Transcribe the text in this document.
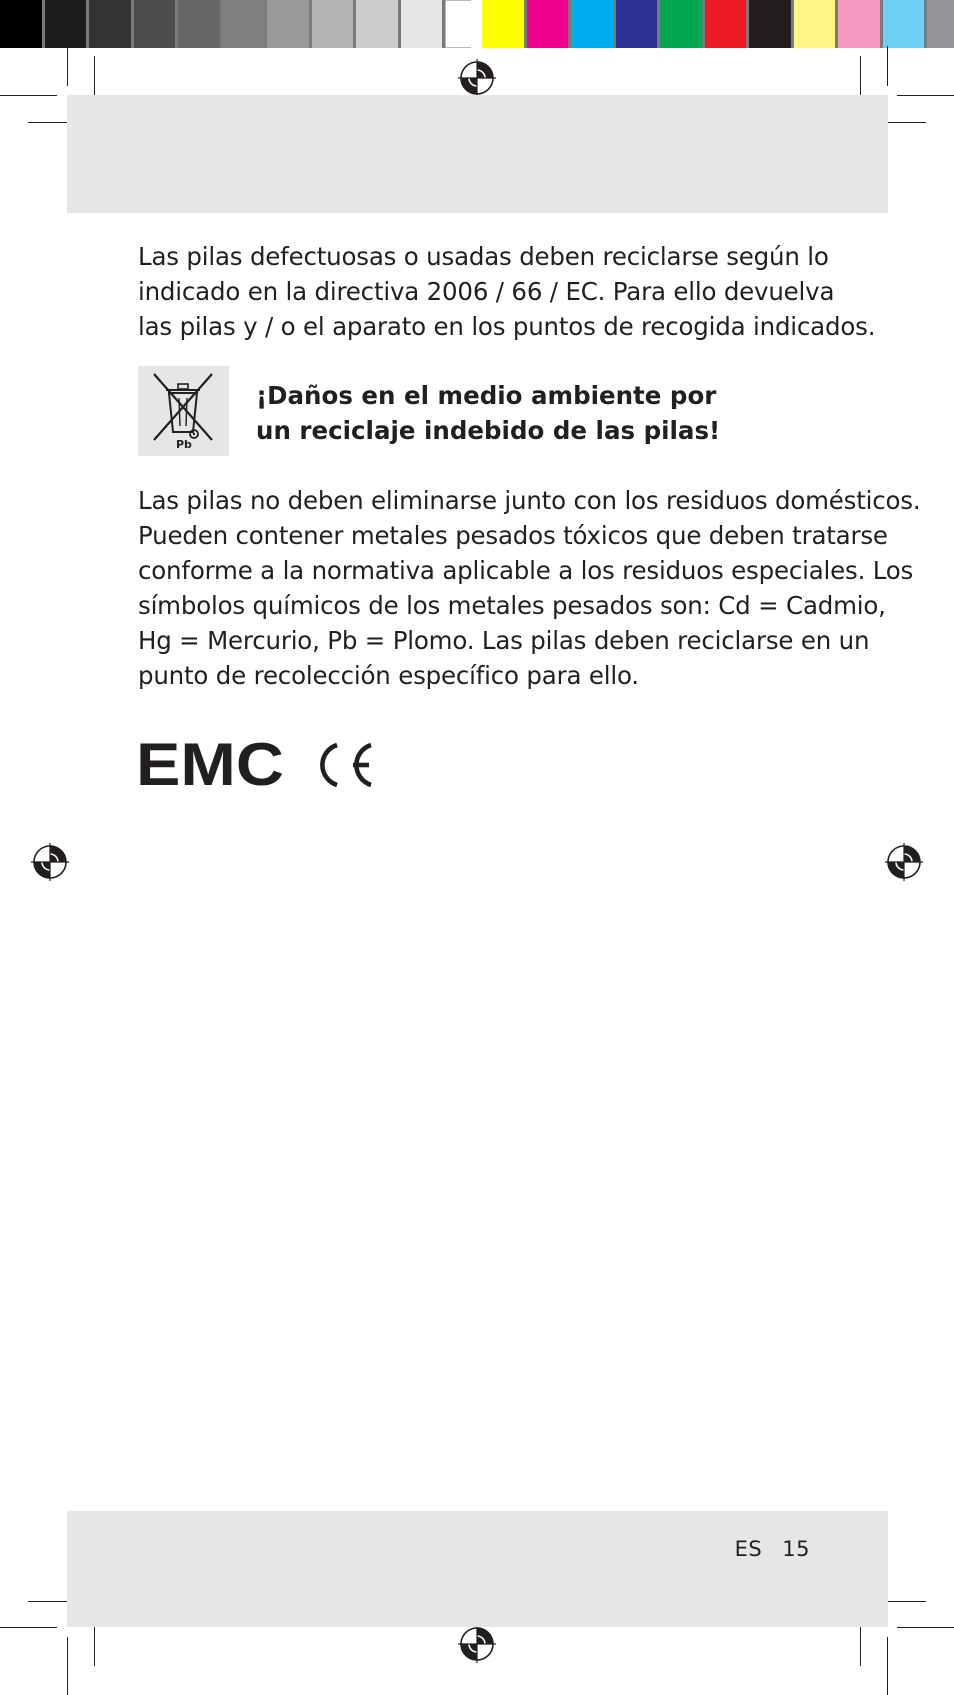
Las pilas defectuosas o usadas deben reciclarse según lo
indicado en la directiva 2006 / 66 / EC. Para ello devuelva
las pilas y / o el aparato en los puntos de recogida indicados.
Pb
¡Daños en el medio ambiente por
un reciclaje indebido de las pilas!
Las pilas no deben eliminarse junto con los residuos domésticos.
Pueden contener metales pesados tóxicos que deben tratarse
conforme a la normativa aplicable a los residuos especiales. Los
símbolos químicos de los metales pesados son: Cd = Cadmio,
Hg = Mercurio, Pb = Plomo. Las pilas deben reciclarse en un
punto de recolección específico para ello.
EMC
ES 15
